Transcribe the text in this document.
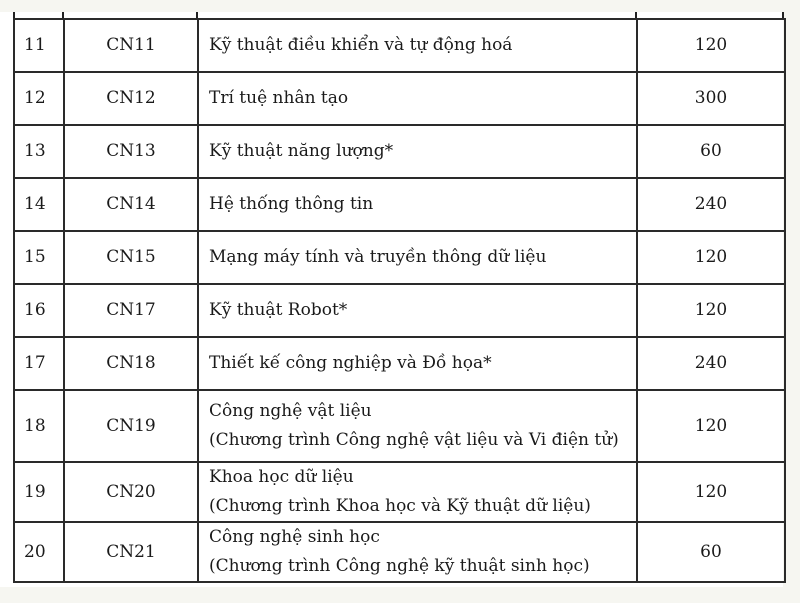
11	CN11	Kỹ thuật điều khiển và tự động hoá	120
12	CN12	Trí tuệ nhân tạo	300
13	CN13	Kỹ thuật năng lượng*	60
14	CN14	Hệ thống thông tin	240
15	CN15	Mạng máy tính và truyền thông dữ liệu	120
16	CN17	Kỹ thuật Robot*	120
17	CN18	Thiết kế công nghiệp và Đồ họa*	240
18	CN19	Công nghệ vật liệu
(Chương trình Công nghệ vật liệu và Vi điện tử)	120
19	CN20	Khoa học dữ liệu
(Chương trình Khoa học và Kỹ thuật dữ liệu)	120
20	CN21	Công nghệ sinh học
(Chương trình Công nghệ kỹ thuật sinh học)	60
